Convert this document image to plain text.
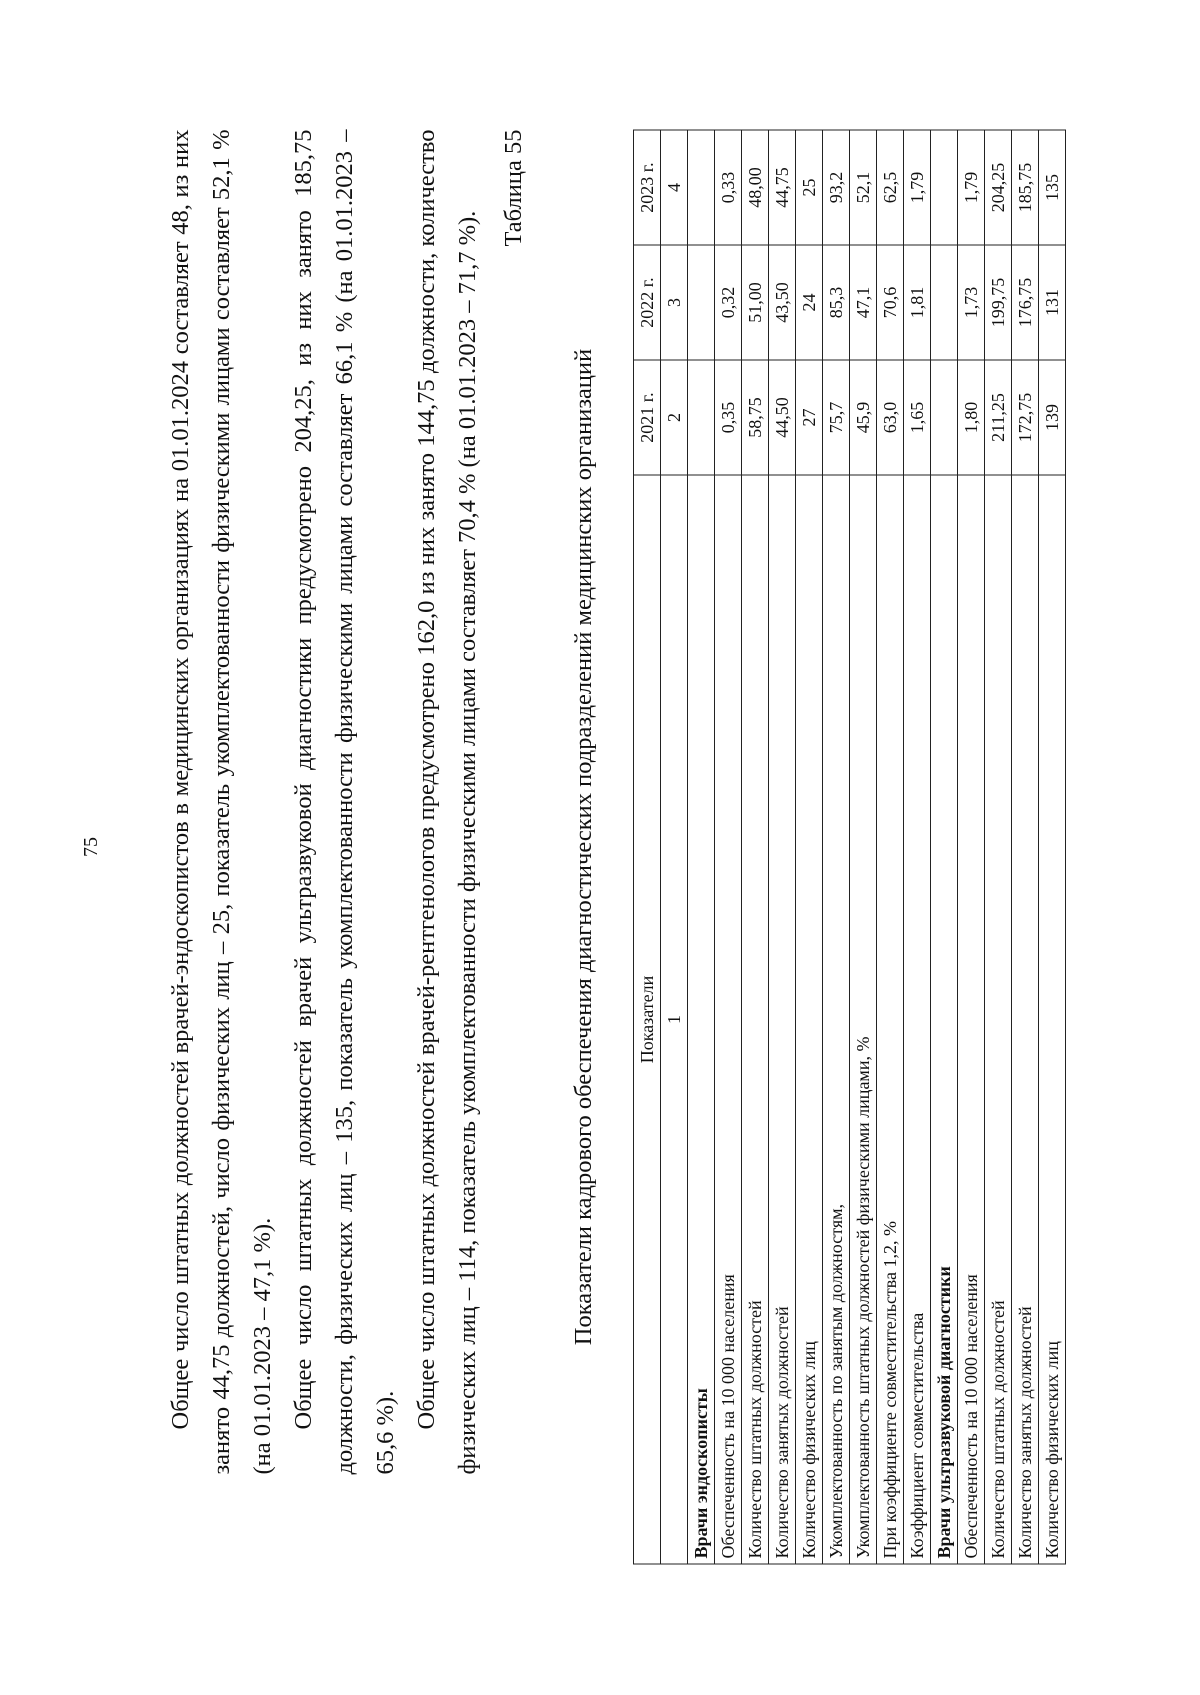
75	Общее число штатных должностей врачей-эндоскопистов в медицинских организациях на 01.01.2024 составляет 48, из них занято 44,75 должностей, число физических лиц – 25, показатель укомплектованности физическими лицами составляет 52,1 % (на 01.01.2023 – 47,1 %). Общее число штатных должностей врачей ультразвуковой диагностики предусмотрено 204,25, из них занято 185,75 должности, физических лиц – 135, показатель укомплектованности физическими лицами составляет 66,1 % (на 01.01.2023 – 65,6 %).

Общее число штатных должностей врачей-рентгенологов предусмотрено 162,0 из них занято 144,75 должности, количество физических лиц – 114, показатель укомплектованности физическими лицами составляет 70,4 % (на 01.01.2023 – 71,7 %).

Таблица 55
Показатели кадрового обеспечения диагностических подразделений медицинских организаций Показатели	2021 г.	2022 г.	2023 г.
1	2	3	4
Врачи эндоскописты			
Обеспеченность на 10 000 населения	0,35	0,32	0,33
Количество штатных должностей	58,75	51,00	48,00
Количество занятых должностей	44,50	43,50	44,75
Количество физических лиц	27	24	25
Укомплектованность по занятым должностям,	75,7	85,3	93,2
Укомплектованность штатных должностей физическими лицами, %	45,9	47,1	52,1
При коэффициенте совместительства 1,2, %	63,0	70,6	62,5
Коэффициент совместительства	1,65	1,81	1,79
Врачи ультразвуковой диагностики			
Обеспеченность на 10 000 населения	1,80	1,73	1,79
Количество штатных должностей	211,25	199,75	204,25
Количество занятых должностей	172,75	176,75	185,75
Количество физических лиц	139	131	135
